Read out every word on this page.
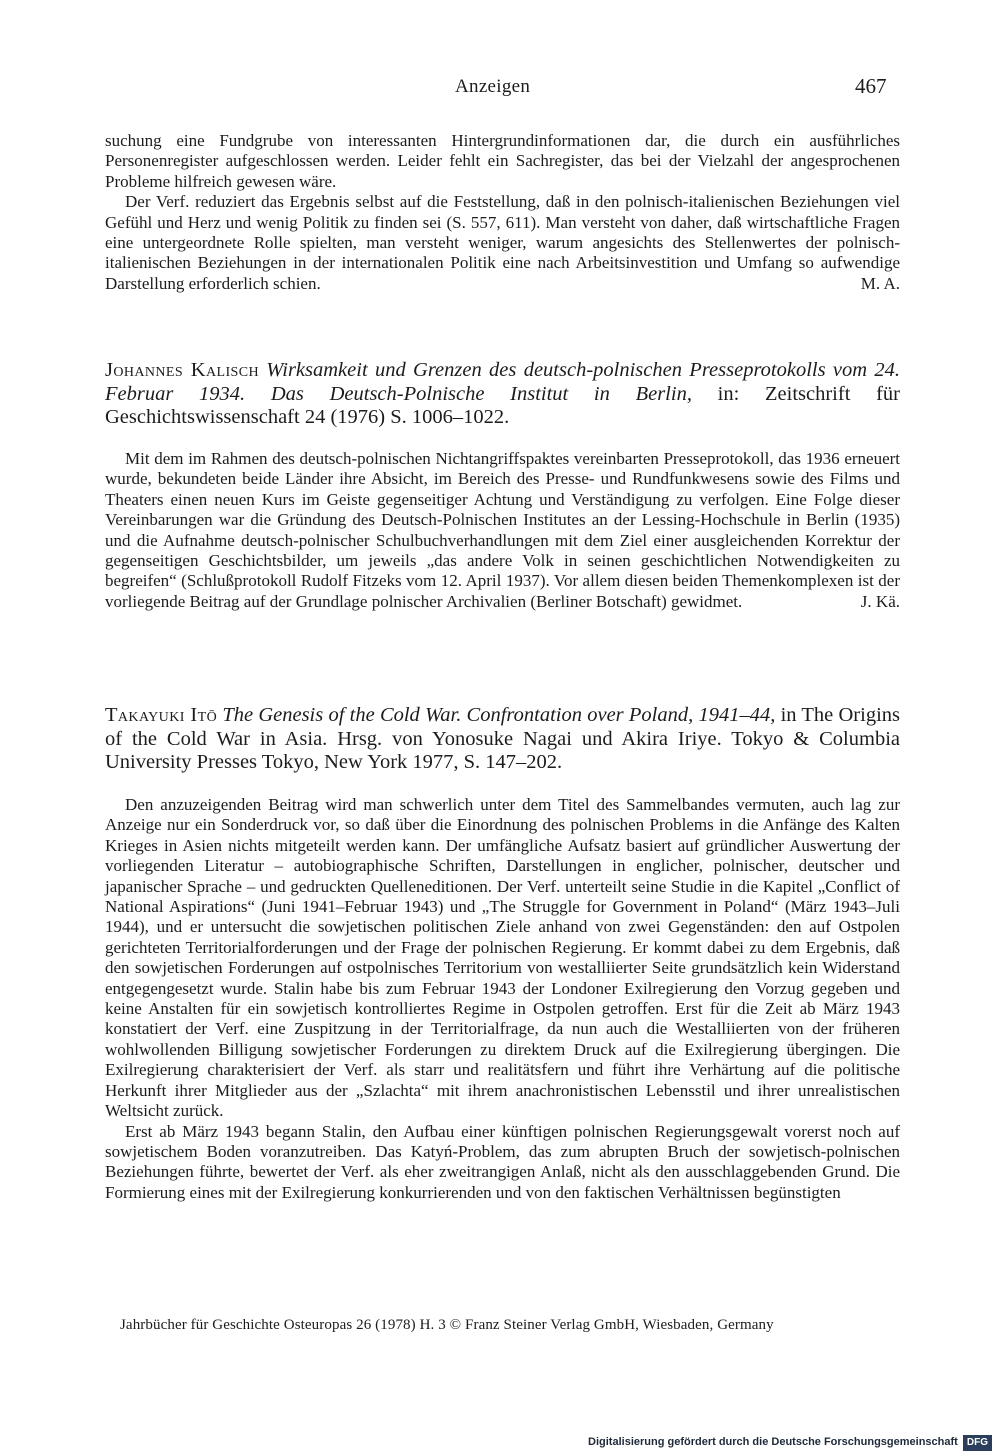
Anzeigen	467

suchung eine Fundgrube von interessanten Hintergrundinformationen dar, die durch ein ausführliches Personenregister aufgeschlossen werden. Leider fehlt ein Sachregister, das bei der Vielzahl der angesprochenen Probleme hilfreich gewesen wäre.

Der Verf. reduziert das Ergebnis selbst auf die Feststellung, daß in den polnisch-italienischen Beziehungen viel Gefühl und Herz und wenig Politik zu finden sei (S. 557, 611). Man versteht von daher, daß wirtschaftliche Fragen eine untergeordnete Rolle spielten, man versteht weniger, warum angesichts des Stellenwertes der polnisch-italienischen Beziehungen in der internationalen Politik eine nach Arbeitsinvestition und Umfang so aufwendige Darstellung erforderlich schien.	M. A.

Johannes Kalisch Wirksamkeit und Grenzen des deutsch-polnischen Presseprotokolls vom 24. Februar 1934. Das Deutsch-Polnische Institut in Berlin, in: Zeitschrift für Geschichtswissenschaft 24 (1976) S. 1006–1022.

Mit dem im Rahmen des deutsch-polnischen Nichtangriffspaktes vereinbarten Presseprotokoll, das 1936 erneuert wurde, bekundeten beide Länder ihre Absicht, im Bereich des Presse- und Rundfunkwesens sowie des Films und Theaters einen neuen Kurs im Geiste gegenseitiger Achtung und Verständigung zu verfolgen. Eine Folge dieser Vereinbarungen war die Gründung des Deutsch-Polnischen Institutes an der Lessing-Hochschule in Berlin (1935) und die Aufnahme deutsch-polnischer Schulbuchverhandlungen mit dem Ziel einer ausgleichenden Korrektur der gegenseitigen Geschichtsbilder, um jeweils „das andere Volk in seinen geschichtlichen Notwendigkeiten zu begreifen“ (Schlußprotokoll Rudolf Fitzeks vom 12. April 1937). Vor allem diesen beiden Themenkomplexen ist der vorliegende Beitrag auf der Grundlage polnischer Archivalien (Berliner Botschaft) gewidmet.	J. Kä.

Takayuki Itō The Genesis of the Cold War. Confrontation over Poland, 1941–44, in The Origins of the Cold War in Asia. Hrsg. von Yonosuke Nagai und Akira Iriye. Tokyo & Columbia University Presses Tokyo, New York 1977, S. 147–202.

Den anzuzeigenden Beitrag wird man schwerlich unter dem Titel des Sammelbandes vermuten, auch lag zur Anzeige nur ein Sonderdruck vor, so daß über die Einordnung des polnischen Problems in die Anfänge des Kalten Krieges in Asien nichts mitgeteilt werden kann. Der umfängliche Aufsatz basiert auf gründlicher Auswertung der vorliegenden Literatur – autobiographische Schriften, Darstellungen in englicher, polnischer, deutscher und japanischer Sprache – und gedruckten Quelleneditionen. Der Verf. unterteilt seine Studie in die Kapitel „Conflict of National Aspirations“ (Juni 1941–Februar 1943) und „The Struggle for Government in Poland“ (März 1943–Juli 1944), und er untersucht die sowjetischen politischen Ziele anhand von zwei Gegenständen: den auf Ostpolen gerichteten Territorialforderungen und der Frage der polnischen Regierung. Er kommt dabei zu dem Ergebnis, daß den sowjetischen Forderungen auf ostpolnisches Territorium von westalliierter Seite grundsätzlich kein Widerstand entgegengesetzt wurde. Stalin habe bis zum Februar 1943 der Londoner Exilregierung den Vorzug gegeben und keine Anstalten für ein sowjetisch kontrolliertes Regime in Ostpolen getroffen. Erst für die Zeit ab März 1943 konstatiert der Verf. eine Zuspitzung in der Territorialfrage, da nun auch die Westalliierten von der früheren wohlwollenden Billigung sowjetischer Forderungen zu direktem Druck auf die Exilregierung übergingen. Die Exilregierung charakterisiert der Verf. als starr und realitätsfern und führt ihre Verhärtung auf die politische Herkunft ihrer Mitglieder aus der „Szlachta“ mit ihrem anachronistischen Lebensstil und ihrer unrealistischen Weltsicht zurück.

Erst ab März 1943 begann Stalin, den Aufbau einer künftigen polnischen Regierungsgewalt vorerst noch auf sowjetischem Boden voranzutreiben. Das Katyń-Problem, das zum abrupten Bruch der sowjetisch-polnischen Beziehungen führte, bewertet der Verf. als eher zweitrangigen Anlaß, nicht als den ausschlaggebenden Grund. Die Formierung eines mit der Exilregierung konkurrierenden und von den faktischen Verhältnissen begünstigten

Jahrbücher für Geschichte Osteuropas 26 (1978) H. 3 © Franz Steiner Verlag GmbH, Wiesbaden, Germany
Digitalisierung gefördert durch die Deutsche Forschungsgemeinschaft DFG
